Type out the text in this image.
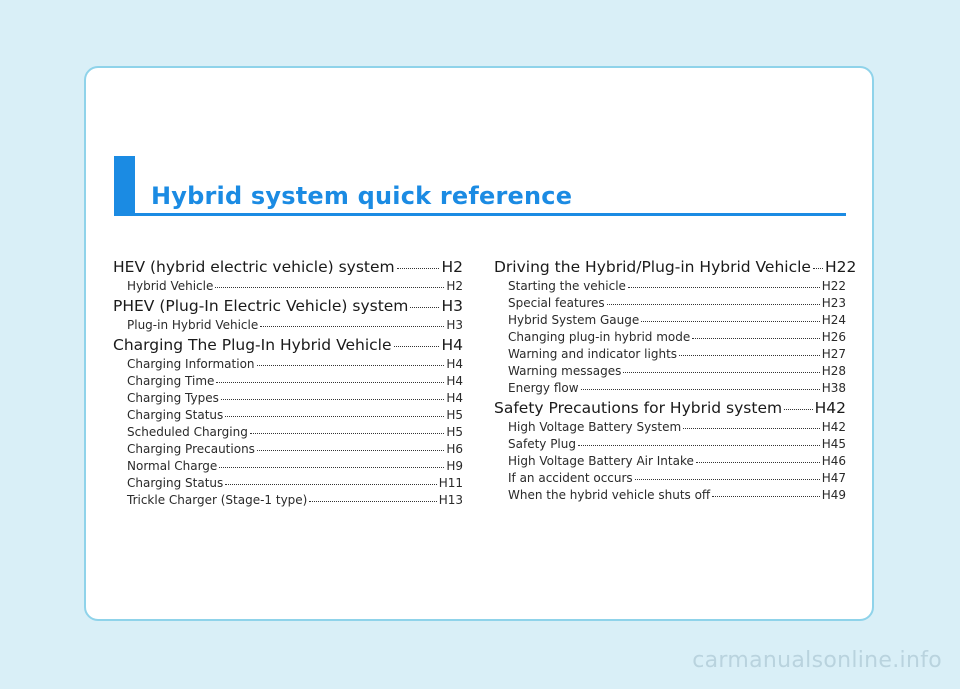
Hybrid system quick reference
HEV (hybrid electric vehicle) system	H2
Hybrid Vehicle	H2
PHEV (Plug-In Electric Vehicle) system H3
Plug-in Hybrid Vehicle	H3
Charging The Plug-In Hybrid Vehicle	H4
Charging Information	H4
Charging Time	H4
Charging Types	H4
Charging Status	H5
Scheduled Charging	H5
Charging Precautions	H6
Normal Charge	H9
Charging Status	H11
Trickle Charger (Stage-1 type)	H13
Driving the Hybrid/Plug-in Hybrid Vehicle H22
Starting the vehicle	H22
Special features	H23
Hybrid System Gauge	H24
Changing plug-in hybrid mode	H26
Warning and indicator lights	H27
Warning messages	H28
Energy flow	H38
Safety Precautions for Hybrid system H42
High Voltage Battery System	H42
Safety Plug	H45
High Voltage Battery Air Intake	H46
If an accident occurs	H47
When the hybrid vehicle shuts off	H49
carmanualsonline.info
